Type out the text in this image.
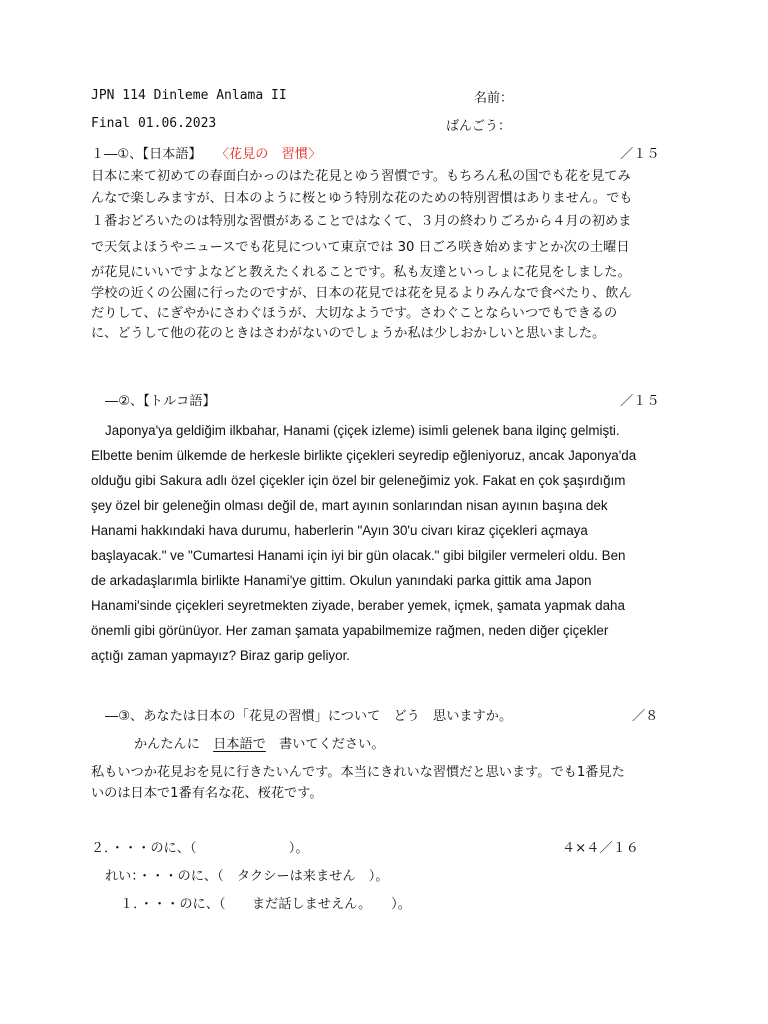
JPN 114 Dinleme Anlama II	名前：
Final 01.06.2023	ばんごう：
１―①、【日本語】 〈花見の　習慣〉	／１５
日本に来て初めての春面白かっのはた花見とゆう習慣です。もちろん私の国でも花を見てみ
んなで楽しみますが、日本のように桜とゆう特別な花のための特別習慣はありません。でも
１番おどろいたのは特別な習慣があることではなくて、３月の終わりごろから４月の初めま
で天気よほうやニュースでも花見について東京では 30 日ごろ咲き始めますとか次の土曜日
が花見にいいですよなどと教えたくれることです。私も友達といっしょに花見をしました。
学校の近くの公園に行ったのですが、日本の花見では花を見るよりみんなで食べたり、飲ん
だりして、にぎやかにさわぐほうが、大切なようです。さわぐことならいつでもできるの
に、どうして他の花のときはさわがないのでしょうか私は少しおかしいと思いました。
―②、【トルコ語】	／１５
Japonya'ya geldiğim ilkbahar, Hanami (çiçek izleme) isimli gelenek bana ilginç gelmişti.
Elbette benim ülkemde de herkesle birlikte çiçekleri seyredip eğleniyoruz, ancak Japonya'da
olduğu gibi Sakura adlı özel çiçekler için özel bir geleneğimiz yok. Fakat en çok şaşırdığım
şey özel bir geleneğin olması değil de, mart ayının sonlarından nisan ayının başına dek
Hanami hakkındaki hava durumu, haberlerin "Ayın 30'u civarı kiraz çiçekleri açmaya
başlayacak." ve "Cumartesi Hanami için iyi bir gün olacak." gibi bilgiler vermeleri oldu. Ben
de arkadaşlarımla birlikte Hanami'ye gittim. Okulun yanındaki parka gittik ama Japon
Hanami'sinde çiçekleri seyretmekten ziyade, beraber yemek, içmek, şamata yapmak daha
önemli gibi görünüyor. Her zaman şamata yapabilmemize rağmen, neden diğer çiçekler
açtığı zaman yapmayız? Biraz garip geliyor.
―③、あなたは日本の「花見の習慣」について　どう　思いますか。	／８
かんたんに　日本語で　書いてください。
私もいつか花見おを見に行きたいんです。本当にきれいな習慣だと思います。でも1番見た
いのは日本で1番有名な花、桜花です。
２．・・・のに、（　　　　　　　）。	４×４／１６
れい：・・・のに、（　タクシーは来ません　）。
１．・・・のに、（　　まだ話しませえん。　　）。
